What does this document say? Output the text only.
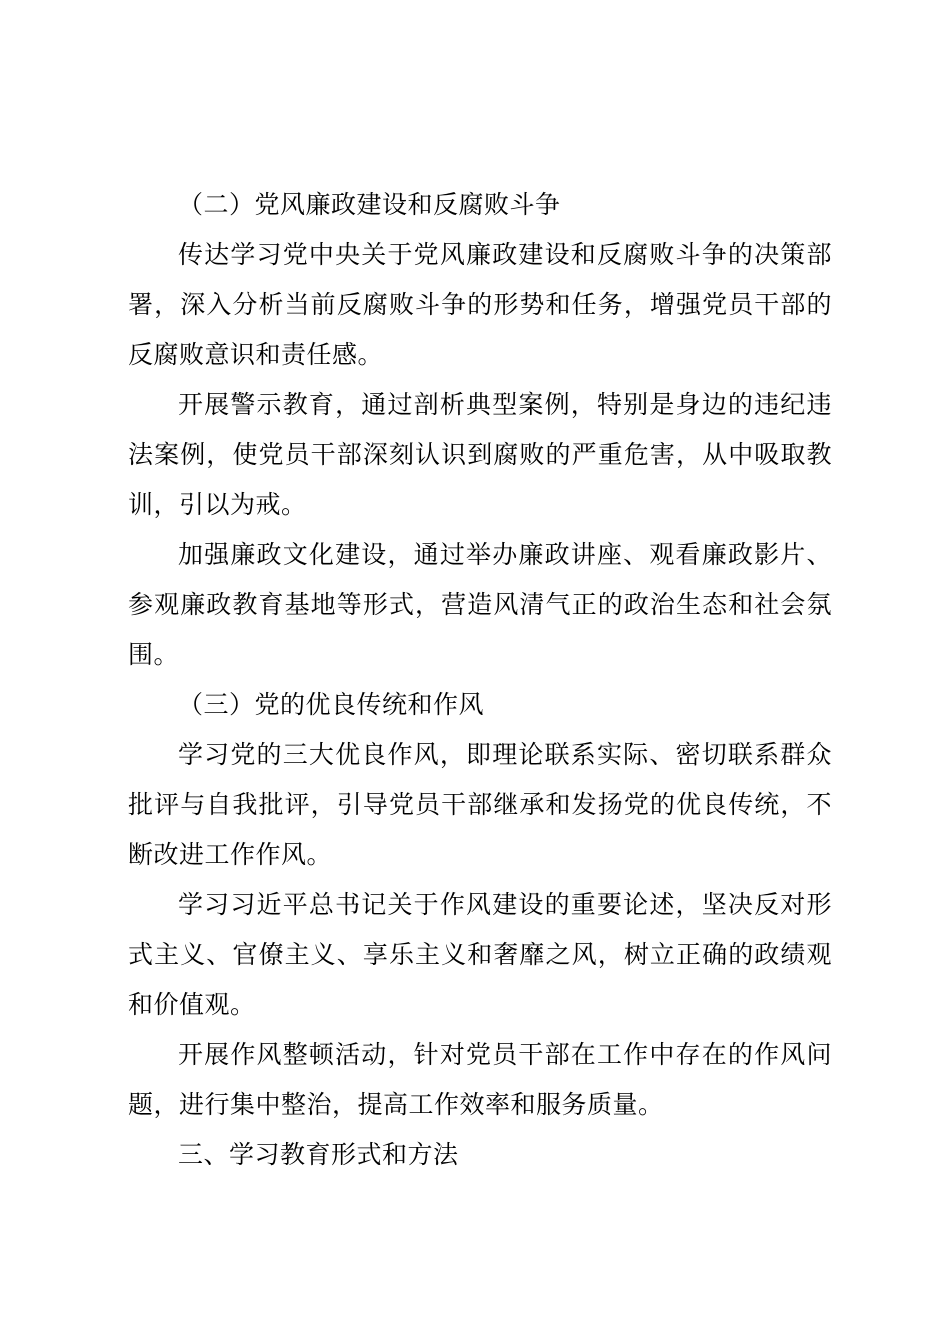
（二）党风廉政建设和反腐败斗争

传达学习党中央关于党风廉政建设和反腐败斗争的决策部署，深入分析当前反腐败斗争的形势和任务，增强党员干部的反腐败意识和责任感。

开展警示教育，通过剖析典型案例，特别是身边的违纪违法案例，使党员干部深刻认识到腐败的严重危害，从中吸取教训，引以为戒。

加强廉政文化建设，通过举办廉政讲座、观看廉政影片、参观廉政教育基地等形式，营造风清气正的政治生态和社会氛围。

（三）党的优良传统和作风

学习党的三大优良作风，即理论联系实际、密切联系群众批评与自我批评，引导党员干部继承和发扬党的优良传统，不断改进工作作风。

学习习近平总书记关于作风建设的重要论述，坚决反对形式主义、官僚主义、享乐主义和奢靡之风，树立正确的政绩观和价值观。

开展作风整顿活动，针对党员干部在工作中存在的作风问题，进行集中整治，提高工作效率和服务质量。

三、学习教育形式和方法
